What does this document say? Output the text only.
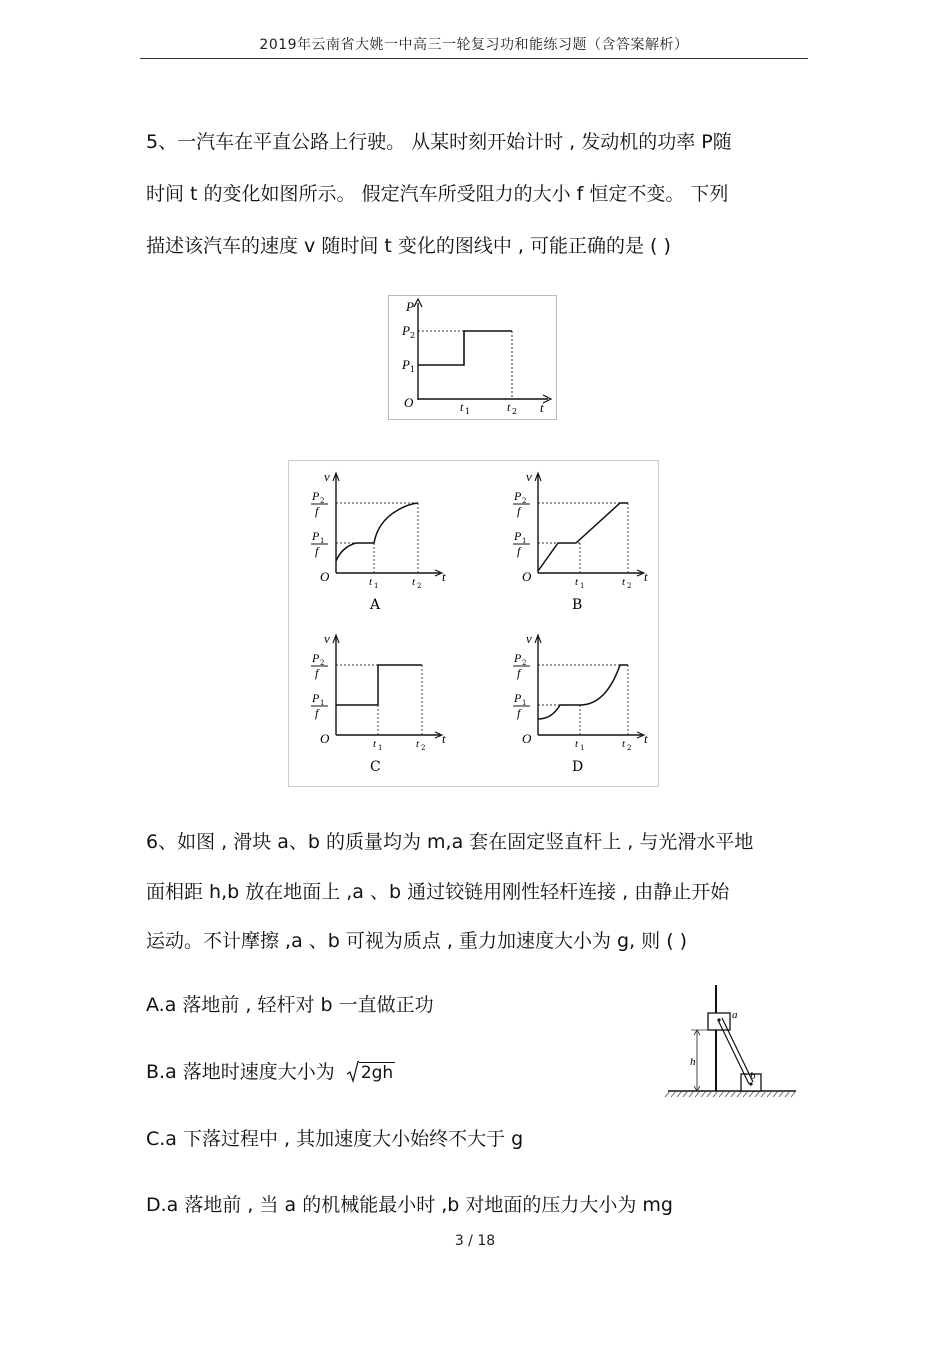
2019年云南省大姚一中高三一轮复习功和能练习题（含答案解析）
5、一汽车在平直公路上行驶。 从某时刻开始计时 , 发动机的功率 P随
时间 t 的变化如图所示。 假定汽车所受阻力的大小 f 恒定不变。 下列
描述该汽车的速度 v 随时间 t 变化的图线中 , 可能正确的是 ( )
P
P 2
P 1
O	t 1	t 2 t
v
O	t
P 2
f
P 1
f
t 1	t 2
A
v
O	t
P 2
f
P 1
f
t 1	t 2
B
v
O	t
P 2
f
P 1
f
t 1	t 2
C
v
O	t
P 2
f
P 1
f
t 1	t 2
D
6、如图 , 滑块 a、b 的质量均为 m,a 套在固定竖直杆上 , 与光滑水平地
面相距 h,b 放在地面上 ,a 、b 通过铰链用刚性轻杆连接 , 由静止开始
运动。不计摩擦 ,a 、b 可视为质点 , 重力加速度大小为 g, 则 ( )
A.a 落地前 , 轻杆对 b 一直做正功
B.a 落地时速度大小为 2gh
C.a 下落过程中 , 其加速度大小始终不大于 g
D.a 落地前 , 当 a 的机械能最小时 ,b 对地面的压力大小为 mg
h
a
b
3 / 18
